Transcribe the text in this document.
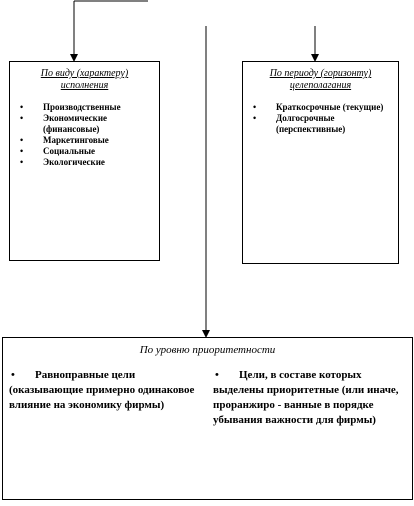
По виду (характеру) исполнения

• Производственные
• Экономические (финансовые)
• Маркетинговые
• Социальные
• Экологические

По периоду (горизонту) целеполагания

• Краткосрочные (текущие)
• Долгосрочные (перспективные)

По уровню приоритетности

• Равноправные цели
(оказывающие примерно одинаковое влияние на экономику фирмы)
• Цели, в составе которых
выделены приоритетные (или иначе, проранжиро - ванные в порядке убывания важности для фирмы)
